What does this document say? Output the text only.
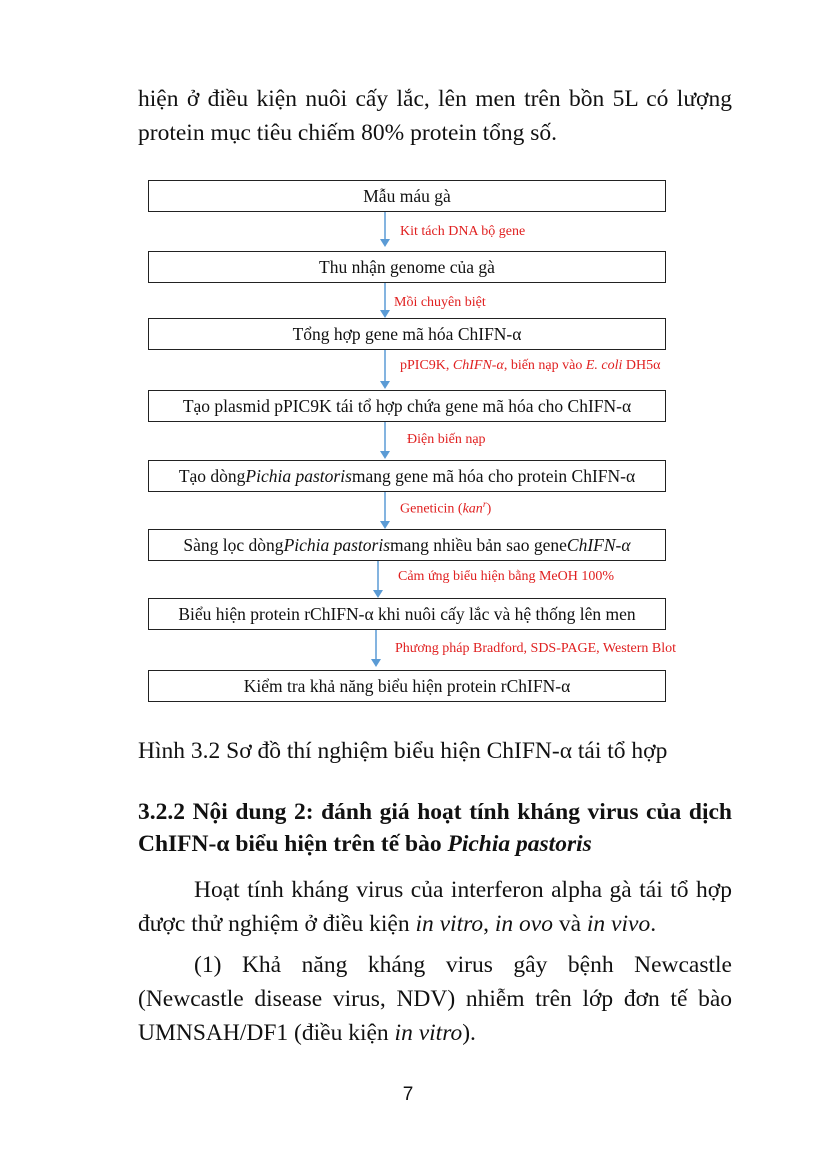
hiện ở điều kiện nuôi cấy lắc, lên men trên bồn 5L có lượng protein mục tiêu chiếm 80% protein tổng số.

Mẫu máu gà
Kit tách DNA bộ gene
Thu nhận genome của gà
Mồi chuyên biệt
Tổng hợp gene mã hóa ChIFN-α
pPIC9K, ChIFN-α, biến nạp vào E. coli DH5α
Tạo plasmid pPIC9K tái tổ hợp chứa gene mã hóa cho ChIFN-α
Điện biến nạp
Tạo dòng Pichia pastoris mang gene mã hóa cho protein ChIFN-α
Geneticin (kan$^r$)
Sàng lọc dòng Pichia pastoris mang nhiều bản sao gene ChIFN-α
Cảm ứng biểu hiện bằng MeOH 100%
Biểu hiện protein rChIFN-α khi nuôi cấy lắc và hệ thống lên men
Phương pháp Bradford, SDS-PAGE, Western Blot
Kiểm tra khả năng biểu hiện protein rChIFN-α

Hình 3.2 Sơ đồ thí nghiệm biểu hiện ChIFN-α tái tổ hợp

3.2.2 Nội dung 2: đánh giá hoạt tính kháng virus của dịch ChIFN-α biểu hiện trên tế bào Pichia pastoris

Hoạt tính kháng virus của interferon alpha gà tái tổ hợp được thử nghiệm ở điều kiện in vitro, in ovo và in vivo.

(1) Khả năng kháng virus gây bệnh Newcastle (Newcastle disease virus, NDV) nhiễm trên lớp đơn tế bào UMNSAH/DF1 (điều kiện in vitro).

7
